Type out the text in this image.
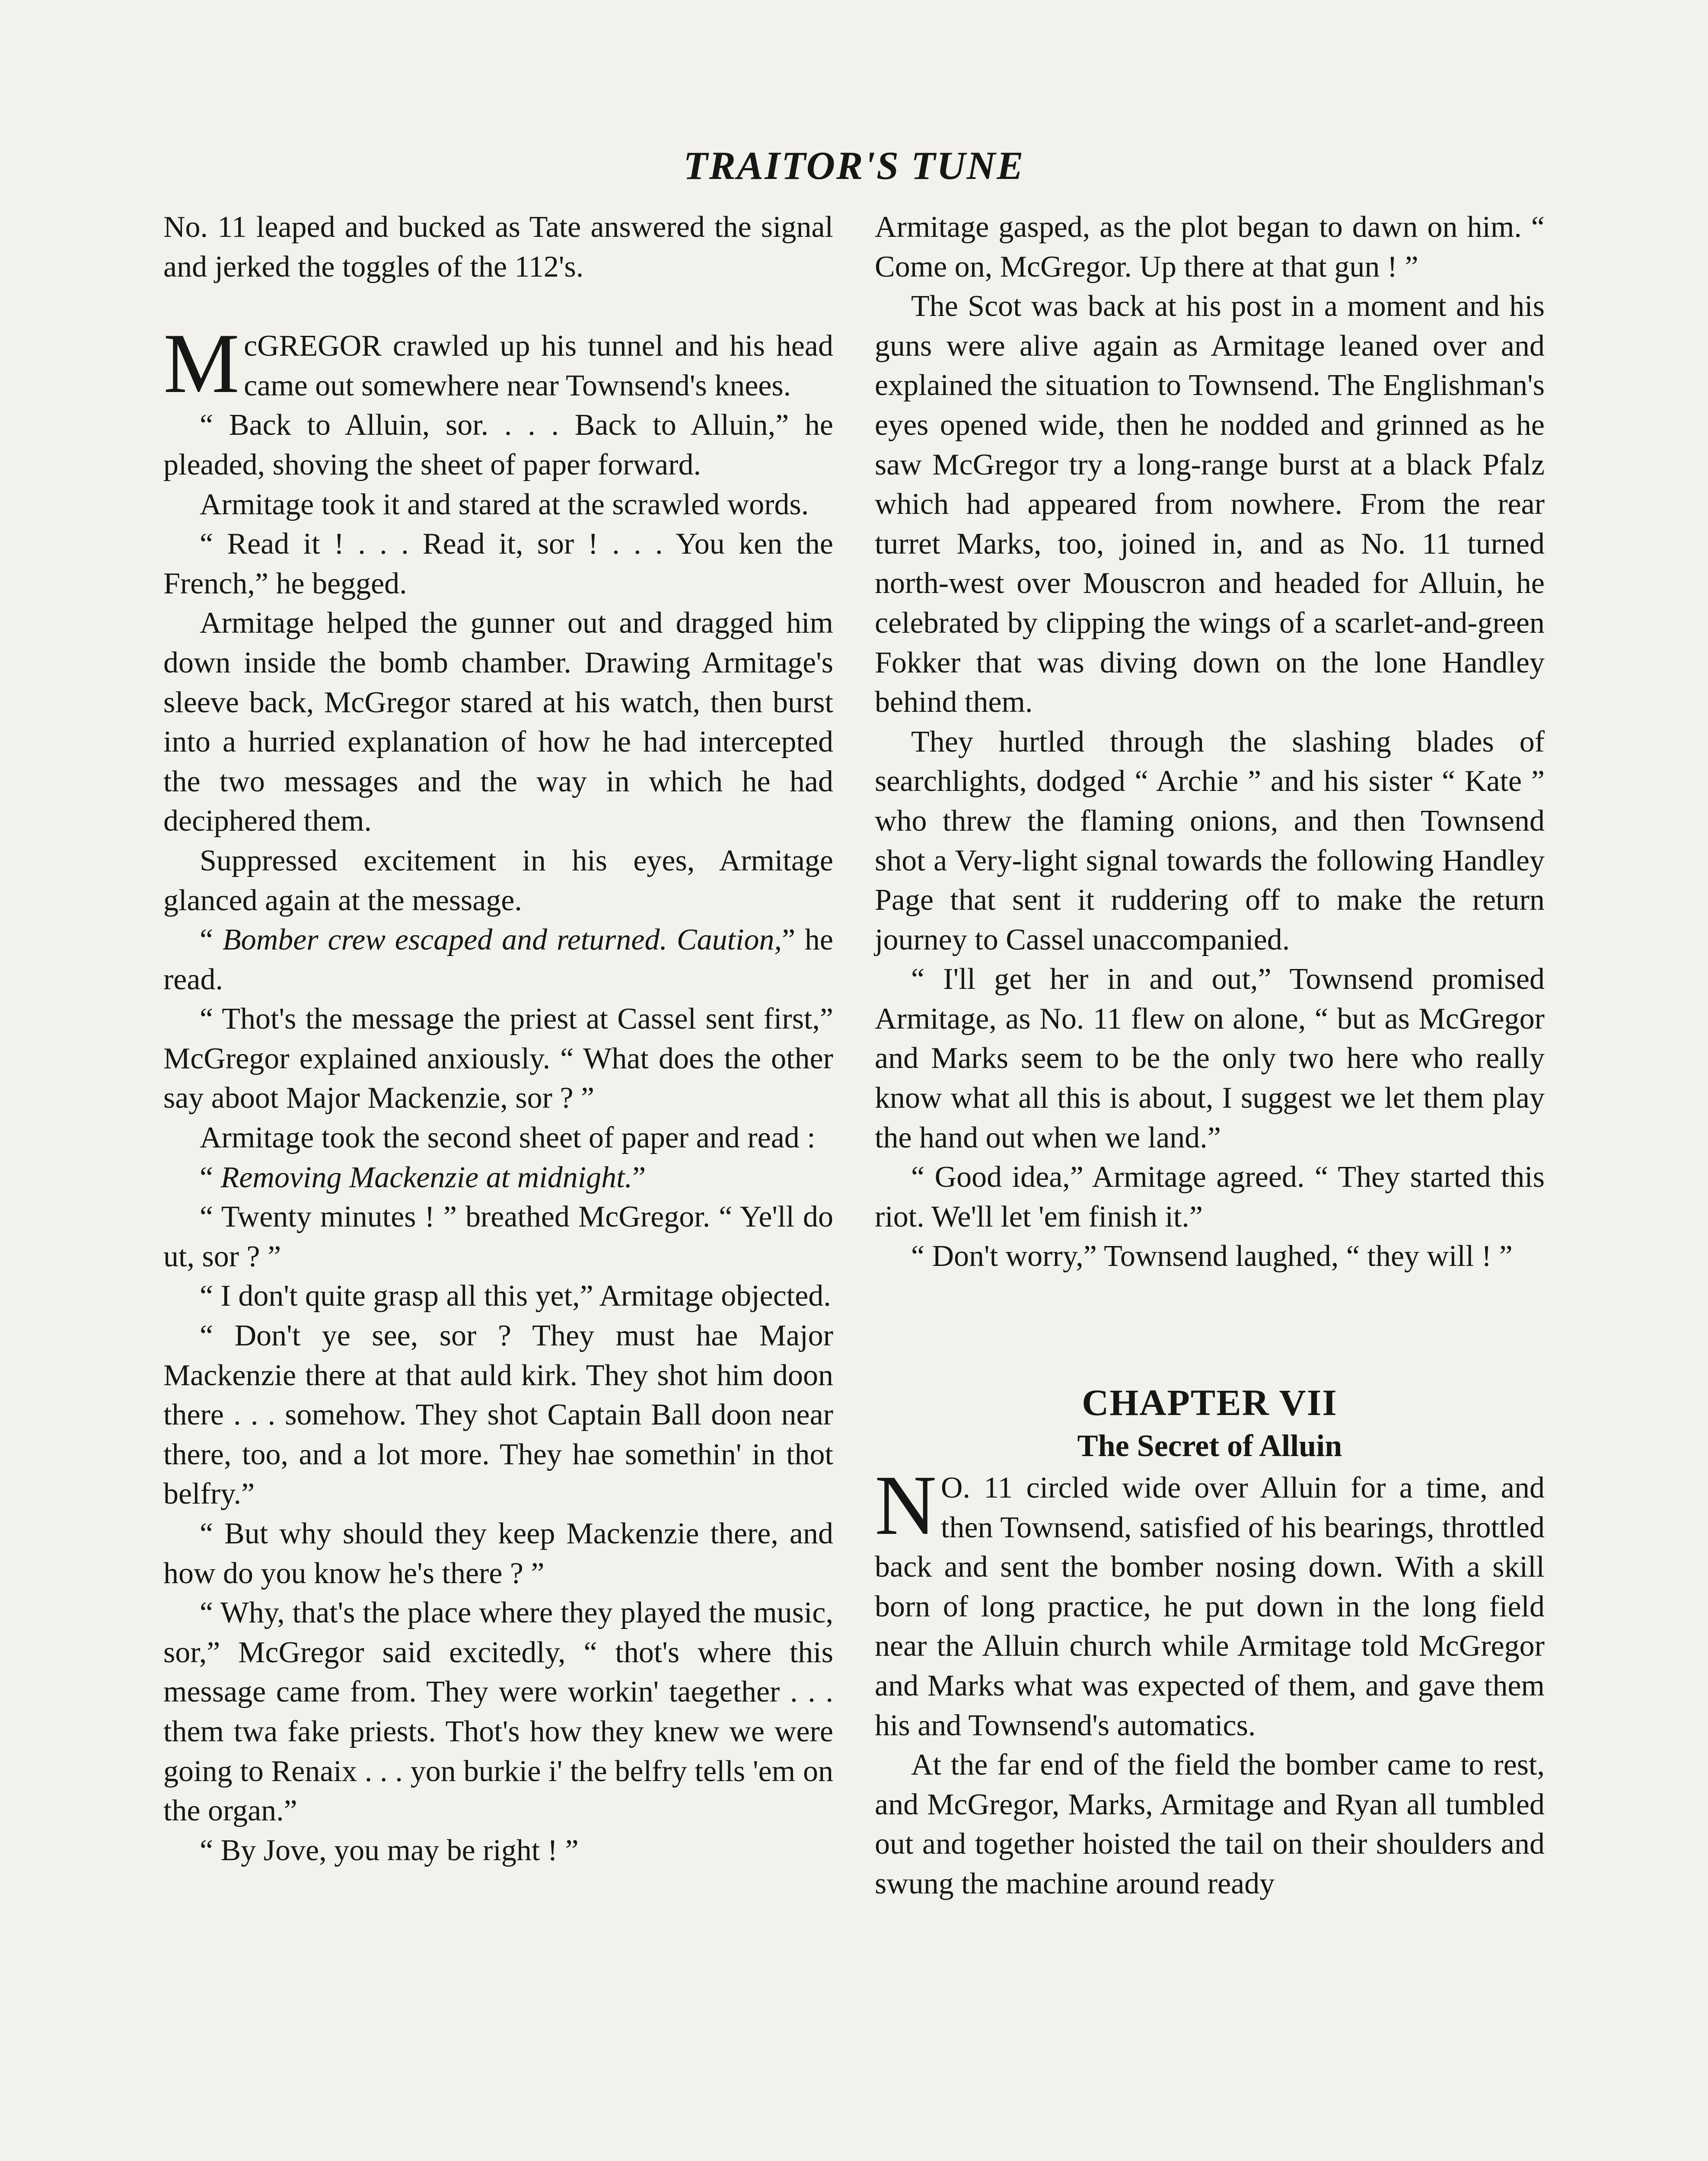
TRAITOR'S TUNE

No. 11 leaped and bucked as Tate answered the signal and jerked the toggles of the 112's.

McGREGOR crawled up his tunnel and his head came out somewhere near Townsend's knees.

“ Back to Alluin, sor. . . . Back to Alluin,” he pleaded, shoving the sheet of paper forward.

Armitage took it and stared at the scrawled words.

“ Read it ! . . . Read it, sor ! . . . You ken the French,” he begged.

Armitage helped the gunner out and dragged him down inside the bomb chamber. Drawing Armitage's sleeve back, McGregor stared at his watch, then burst into a hurried explanation of how he had intercepted the two messages and the way in which he had deciphered them.

Suppressed excitement in his eyes, Armitage glanced again at the message.

“ Bomber crew escaped and returned. Caution,” he read.

“ Thot's the message the priest at Cassel sent first,” McGregor explained anxiously. “ What does the other say aboot Major Mackenzie, sor ? ”

Armitage took the second sheet of paper and read :

“ Removing Mackenzie at midnight.”

“ Twenty minutes ! ” breathed McGregor. “ Ye'll do ut, sor ? ”

“ I don't quite grasp all this yet,” Armitage objected.

“ Don't ye see, sor ? They must hae Major Mackenzie there at that auld kirk. They shot him doon there . . . somehow. They shot Captain Ball doon near there, too, and a lot more. They hae somethin' in thot belfry.”

“ But why should they keep Mackenzie there, and how do you know he's there ? ”

“ Why, that's the place where they played the music, sor,” McGregor said excitedly, “ thot's where this message came from. They were workin' taegether . . . them twa fake priests. Thot's how they knew we were going to Renaix . . . yon burkie i' the belfry tells 'em on the organ.”

“ By Jove, you may be right ! ”

Armitage gasped, as the plot began to dawn on him. “ Come on, McGregor. Up there at that gun ! ”

The Scot was back at his post in a moment and his guns were alive again as Armitage leaned over and explained the situation to Townsend. The Englishman's eyes opened wide, then he nodded and grinned as he saw McGregor try a long-range burst at a black Pfalz which had appeared from nowhere. From the rear turret Marks, too, joined in, and as No. 11 turned north-west over Mouscron and headed for Alluin, he celebrated by clipping the wings of a scarlet-and-green Fokker that was diving down on the lone Handley behind them.

They hurtled through the slashing blades of searchlights, dodged “ Archie ” and his sister “ Kate ” who threw the flaming onions, and then Townsend shot a Very-light signal towards the following Handley Page that sent it ruddering off to make the return journey to Cassel unaccompanied.

“ I'll get her in and out,” Townsend promised Armitage, as No. 11 flew on alone, “ but as McGregor and Marks seem to be the only two here who really know what all this is about, I suggest we let them play the hand out when we land.”

“ Good idea,” Armitage agreed. “ They started this riot. We'll let 'em finish it.”

“ Don't worry,” Townsend laughed, “ they will ! ”

CHAPTER VII
The Secret of Alluin

N O. 11 circled wide over Alluin for a time, and then Townsend, satisfied of his bearings, throttled back and sent the bomber nosing down. With a skill born of long practice, he put down in the long field near the Alluin church while Armitage told McGregor and Marks what was expected of them, and gave them his and Townsend's automatics.

At the far end of the field the bomber came to rest, and McGregor, Marks, Armitage and Ryan all tumbled out and together hoisted the tail on their shoulders and swung the machine around ready
